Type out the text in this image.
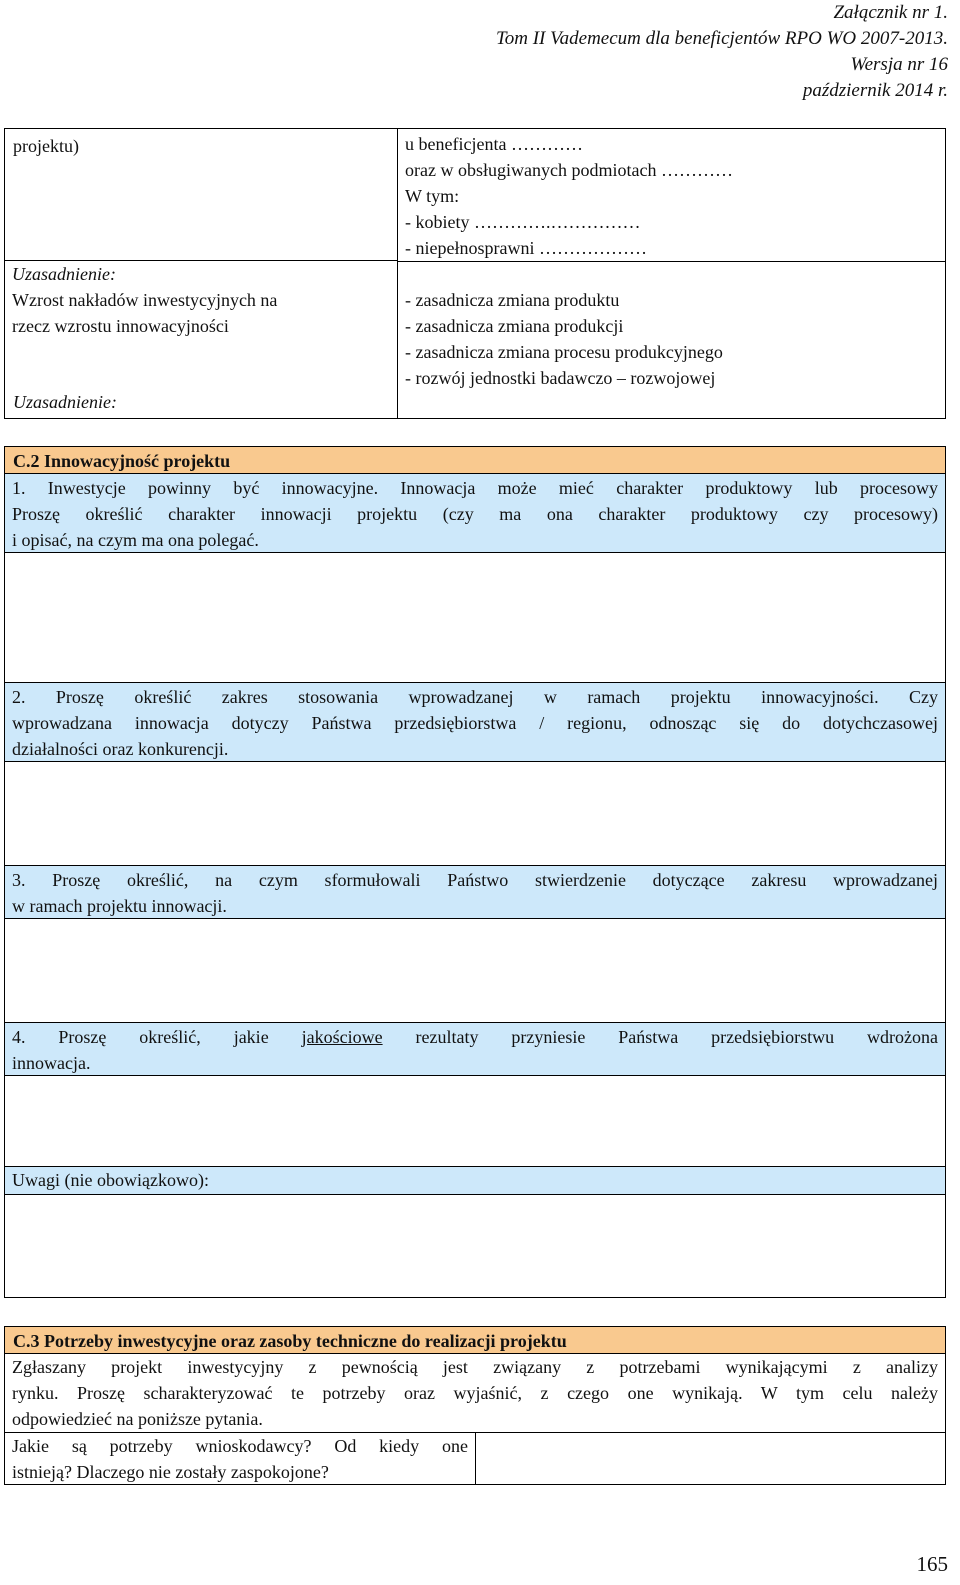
Załącznik nr 1.
Tom II Vademecum dla beneficjentów RPO WO 2007-2013.
Wersja nr 16
październik 2014 r.
projektu)
Uzasadnienie:
Uzasadnienie:
Wzrost nakładów inwestycyjnych na
rzecz wzrostu innowacyjności
u beneficjenta …………
oraz w obsługiwanych podmiotach …………
W tym:
- kobiety ………….……………
- niepełnosprawni ………………
- zasadnicza zmiana produktu
- zasadnicza zmiana produkcji
- zasadnicza zmiana procesu produkcyjnego
- rozwój jednostki badawczo – rozwojowej
C.2 Innowacyjność projektu
1. Inwestycje powinny być innowacyjne. Innowacja może mieć charakter produktowy lub procesowy
Proszę określić charakter innowacji projektu (czy ma ona charakter produktowy czy procesowy)
i opisać, na czym ma ona polegać.
2. Proszę określić zakres stosowania wprowadzanej w ramach projektu innowacyjności. Czy
wprowadzana innowacja dotyczy Państwa przedsiębiorstwa / regionu, odnosząc się do dotychczasowej
działalności oraz konkurencji.
3. Proszę określić, na czym sformułowali Państwo stwierdzenie dotyczące zakresu wprowadzanej
w ramach projektu innowacji.
4. Proszę określić, jakie jakościowe rezultaty przyniesie Państwa przedsiębiorstwu wdrożona
innowacja.
Uwagi (nie obowiązkowo):
C.3 Potrzeby inwestycyjne oraz zasoby techniczne do realizacji projektu
Zgłaszany projekt inwestycyjny z pewnością jest związany z potrzebami wynikającymi z analizy
rynku. Proszę scharakteryzować te potrzeby oraz wyjaśnić, z czego one wynikają. W tym celu należy
odpowiedzieć na poniższe pytania.
Jakie są potrzeby wnioskodawcy? Od kiedy one
istnieją? Dlaczego nie zostały zaspokojone?
165
